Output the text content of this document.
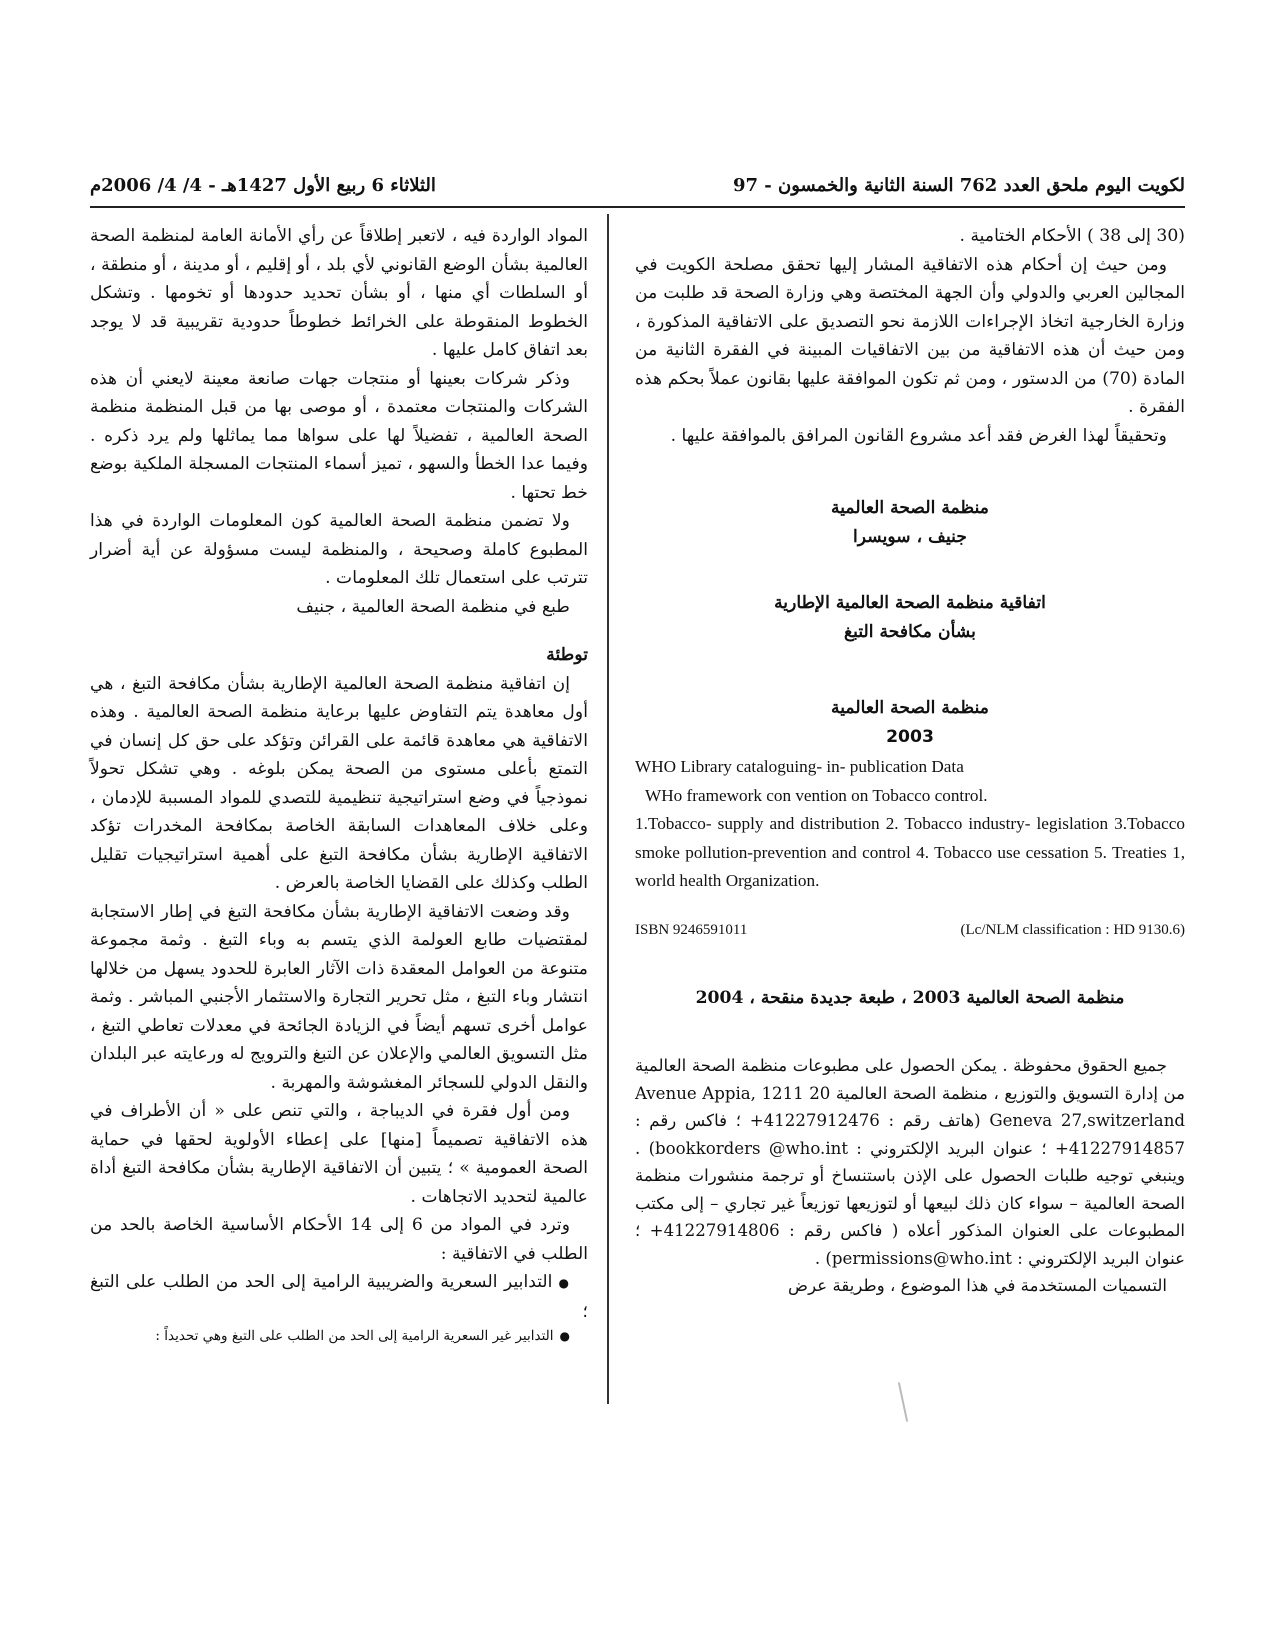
لكويت اليوم ملحق العدد 762 السنة الثانية والخمسون - 97
الثلاثاء 6 ربيع الأول 1427هـ - 4/ 4/ 2006م

(30 إلى 38 ) الأحكام الختامية .

ومن حيث إن أحكام هذه الاتفاقية المشار إليها تحقق مصلحة الكويت في المجالين العربي والدولي وأن الجهة المختصة وهي وزارة الصحة قد طلبت من وزارة الخارجية اتخاذ الإجراءات اللازمة نحو التصديق على الاتفاقية المذكورة ، ومن حيث أن هذه الاتفاقية من بين الاتفاقيات المبينة في الفقرة الثانية من المادة (70) من الدستور ، ومن ثم تكون الموافقة عليها بقانون عملاً بحكم هذه الفقرة .

وتحقيقاً لهذا الغرض فقد أعد مشروع القانون المرافق بالموافقة عليها .

منظمة الصحة العالمية

جنيف ، سويسرا

اتفاقية منظمة الصحة العالمية الإطارية

بشأن مكافحة التبغ

منظمة الصحة العالمية

2003

WHO Library cataloguing- in- publication Data

WHo framework con vention on Tobacco control.

1.Tobacco- supply and distribution 2. Tobacco industry- legislation 3.Tobacco smoke pollution-prevention and control 4. Tobacco use cessation 5. Treaties 1, world health Organization.

ISBN 9246591011	(Lc/NLM classification : HD 9130.6)

منظمة الصحة العالمية 2003 ، طبعة جديدة منقحة ، 2004

جميع الحقوق محفوظة . يمكن الحصول على مطبوعات منظمة الصحة العالمية من إدارة التسويق والتوزيع ، منظمة الصحة العالمية 20 Avenue Appia, 1211 Geneva 27,switzerland (هاتف رقم : 41227912476+ ؛ فاكس رقم : 41227914857+ ؛ عنوان البريد الإلكتروني : bookkorders @who.int) . وينبغي توجيه طلبات الحصول على الإذن باستنساخ أو ترجمة منشورات منظمة الصحة العالمية – سواء كان ذلك لبيعها أو لتوزيعها توزيعاً غير تجاري – إلى مكتب المطبوعات على العنوان المذكور أعلاه ( فاكس رقم : 41227914806+ ؛ عنوان البريد الإلكتروني : permissions@who.int) .

التسميات المستخدمة في هذا الموضوع ، وطريقة عرض

المواد الواردة فيه ، لاتعبر إطلاقاً عن رأي الأمانة العامة لمنظمة الصحة العالمية بشأن الوضع القانوني لأي بلد ، أو إقليم ، أو مدينة ، أو منطقة ، أو السلطات أي منها ، أو بشأن تحديد حدودها أو تخومها . وتشكل الخطوط المنقوطة على الخرائط خطوطاً حدودية تقريبية قد لا يوجد بعد اتفاق كامل عليها .

وذكر شركات بعينها أو منتجات جهات صانعة معينة لايعني أن هذه الشركات والمنتجات معتمدة ، أو موصى بها من قبل المنظمة منظمة الصحة العالمية ، تفضيلاً لها على سواها مما يماثلها ولم يرد ذكره . وفيما عدا الخطأ والسهو ، تميز أسماء المنتجات المسجلة الملكية بوضع خط تحتها .

ولا تضمن منظمة الصحة العالمية كون المعلومات الواردة في هذا المطبوع كاملة وصحيحة ، والمنظمة ليست مسؤولة عن أية أضرار تترتب على استعمال تلك المعلومات .

طبع في منظمة الصحة العالمية ، جنيف

توطئة

إن اتفاقية منظمة الصحة العالمية الإطارية بشأن مكافحة التبغ ، هي أول معاهدة يتم التفاوض عليها برعاية منظمة الصحة العالمية . وهذه الاتفاقية هي معاهدة قائمة على القرائن وتؤكد على حق كل إنسان في التمتع بأعلى مستوى من الصحة يمكن بلوغه . وهي تشكل تحولاً نموذجياً في وضع استراتيجية تنظيمية للتصدي للمواد المسببة للإدمان ، وعلى خلاف المعاهدات السابقة الخاصة بمكافحة المخدرات تؤكد الاتفاقية الإطارية بشأن مكافحة التبغ على أهمية استراتيجيات تقليل الطلب وكذلك على القضايا الخاصة بالعرض .

وقد وضعت الاتفاقية الإطارية بشأن مكافحة التبغ في إطار الاستجابة لمقتضيات طابع العولمة الذي يتسم به وباء التبغ . وثمة مجموعة متنوعة من العوامل المعقدة ذات الآثار العابرة للحدود يسهل من خلالها انتشار وباء التبغ ، مثل تحرير التجارة والاستثمار الأجنبي المباشر . وثمة عوامل أخرى تسهم أيضاً في الزيادة الجائحة في معدلات تعاطي التبغ ، مثل التسويق العالمي والإعلان عن التبغ والترويج له ورعايته عبر البلدان والنقل الدولي للسجائر المغشوشة والمهربة .

ومن أول فقرة في الديباجة ، والتي تنص على « أن الأطراف في هذه الاتفاقية تصميماً [منها] على إعطاء الأولوية لحقها في حماية الصحة العمومية » ؛ يتبين أن الاتفاقية الإطارية بشأن مكافحة التبغ أداة عالمية لتحديد الاتجاهات .

وترد في المواد من 6 إلى 14 الأحكام الأساسية الخاصة بالحد من الطلب في الاتفاقية :

● التدابير السعرية والضريبية الرامية إلى الحد من الطلب على التبغ ؛

● التدابير غير السعرية الرامية إلى الحد من الطلب على التبغ وهي تحديداً :
